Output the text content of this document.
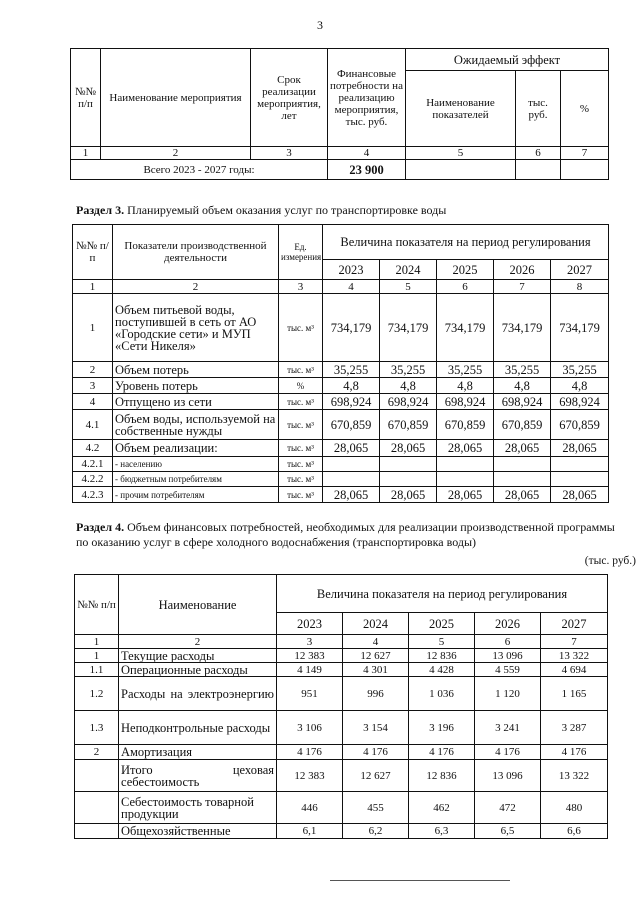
3
№№ п/п	Наименование мероприятия	Срок реализации мероприятия, лет	Финансовые потребности на реализацию мероприятия, тыс. руб.	Ожидаемый эффект		
				Наименование показателей	тыс. руб.	%
1	2	3	4	5	6	7
Всего 2023 - 2027 годы:			23 900			
Раздел 3. Планируемый объем оказания услуг по транспортировке воды
№№ п/п	Показатели производственной деятельности	Ед. измерения	Величина показателя на период регулирования				
			2023	2024	2025	2026	2027
1	2	3	4	5	6	7	8
1	Объем питьевой воды, поступившей в сеть от АО «Городские сети» и МУП «Сети Никеля»	тыс. м³	734,179	734,179	734,179	734,179	734,179
2	Объем потерь	тыс. м³	35,255	35,255	35,255	35,255	35,255
3	Уровень потерь	%	4,8	4,8	4,8	4,8	4,8
4	Отпущено из сети	тыс. м³	698,924	698,924	698,924	698,924	698,924
4.1	Объем воды, используемой на собственные нужды	тыс. м³	670,859	670,859	670,859	670,859	670,859
4.2	Объем реализации:	тыс. м³	28,065	28,065	28,065	28,065	28,065
4.2.1	- населению	тыс. м³					
4.2.2	- бюджетным потребителям	тыс. м³					
4.2.3	- прочим потребителям	тыс. м³	28,065	28,065	28,065	28,065	28,065
Раздел 4. Объем финансовых потребностей, необходимых для реализации производственной программы по оказанию услуг в сфере холодного водоснабжения (транспортировка воды)
(тыс. руб.)
№№ п/п	Наименование	Величина показателя на период регулирования				
		2023	2024	2025	2026	2027
1	2	3	4	5	6	7
1	Текущие расходы	12 383	12 627	12 836	13 096	13 322
1.1	Операционные расходы	4 149	4 301	4 428	4 559	4 694
1.2	Расходы на электроэнергию	951	996	1 036	1 120	1 165
1.3	Неподконтрольные расходы	3 106	3 154	3 196	3 241	3 287
2	Амортизация	4 176	4 176	4 176	4 176	4 176
	Итого цеховая себестоимость	12 383	12 627	12 836	13 096	13 322
	Себестоимость товарной продукции	446	455	462	472	480
	Общехозяйственные	6,1	6,2	6,3	6,5	6,6
